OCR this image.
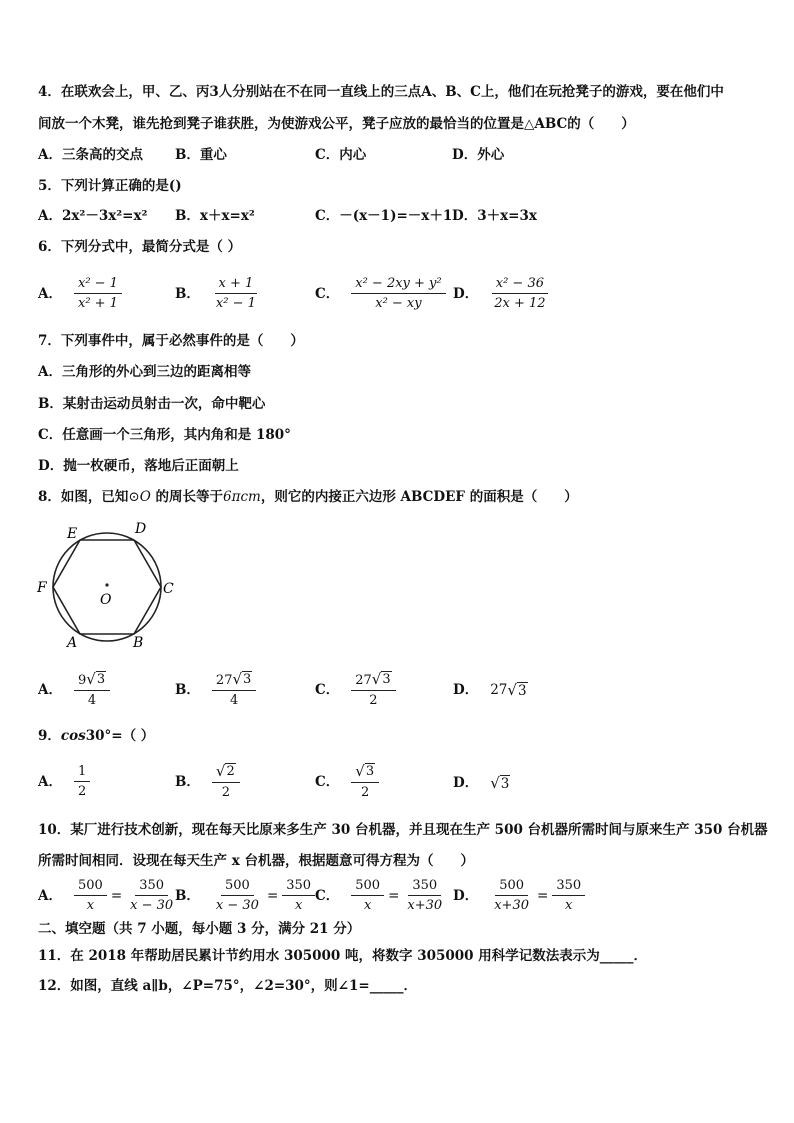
4．在联欢会上，甲、乙、丙3人分别站在不在同一直线上的三点A、B、C上，他们在玩抢凳子的游戏，要在他们中
间放一个木凳，谁先抢到凳子谁获胜，为使游戏公平，凳子应放的最恰当的位置是△ABC的（　　）
A．三条高的交点 B．重心	C．内心	D．外心
5．下列计算正确的是()
A．2x²－3x²=x² B．x＋x=x²	C．－(x－1)=－x＋1 D．3＋x=3x
6．下列分式中，最简分式是（ ）
A． $\frac{\text{x² − 1}}{\text{x² + 1}}$	B． $\frac{x + 1}{\text{x² − 1}}$	C． $\frac{\text{x² − 2xy + y²}}{\text{x² − xy}}$ D． $\frac{\text{x² − 36}}{2x + 12}$
7．下列事件中，属于必然事件的是（　　）
A．三角形的外心到三边的距离相等
B．某射击运动员射击一次，命中靶心
C．任意画一个三角形，其内角和是 180°
D．抛一枚硬币，落地后正面朝上
8．如图，已知⊙O 的周长等于6πcm，则它的内接正六边形 ABCDEF 的面积是（　　）
O
D
E
F	C
A	B
A． $\frac{9 √ 3}{4}$	B． $\frac{27 √ 3}{4}$	C． $\frac{27 √ 3}{2}$	D． 27 √ 3
9．cos30°=（ ）
A． $\frac{1}{2}$	B． $\frac{√ 2}{2}$	C． $\frac{√ 3}{2}$	D． √ 3
10．某厂进行技术创新，现在每天比原来多生产 30 台机器，并且现在生产 500 台机器所需时间与原来生产 350 台机器
所需时间相同．设现在每天生产 x 台机器，根据题意可得方程为（　　）
A． $\frac{500}{x} = \frac{350}{x - 30}$
B． $\frac{500}{x - 30} = \frac{350}{x}$ C． $\frac{500}{x} = \frac{350}{x+30}$ D． $\frac{500}{x+30} = \frac{350}{x}$
二、填空题（共 7 小题，每小题 3 分，满分 21 分）
11．在 2018 年帮助居民累计节约用水 305000 吨，将数字 305000 用科学记数法表示为_____．
12．如图，直线 a∥b，∠P=75°，∠2=30°，则∠1=_____．
